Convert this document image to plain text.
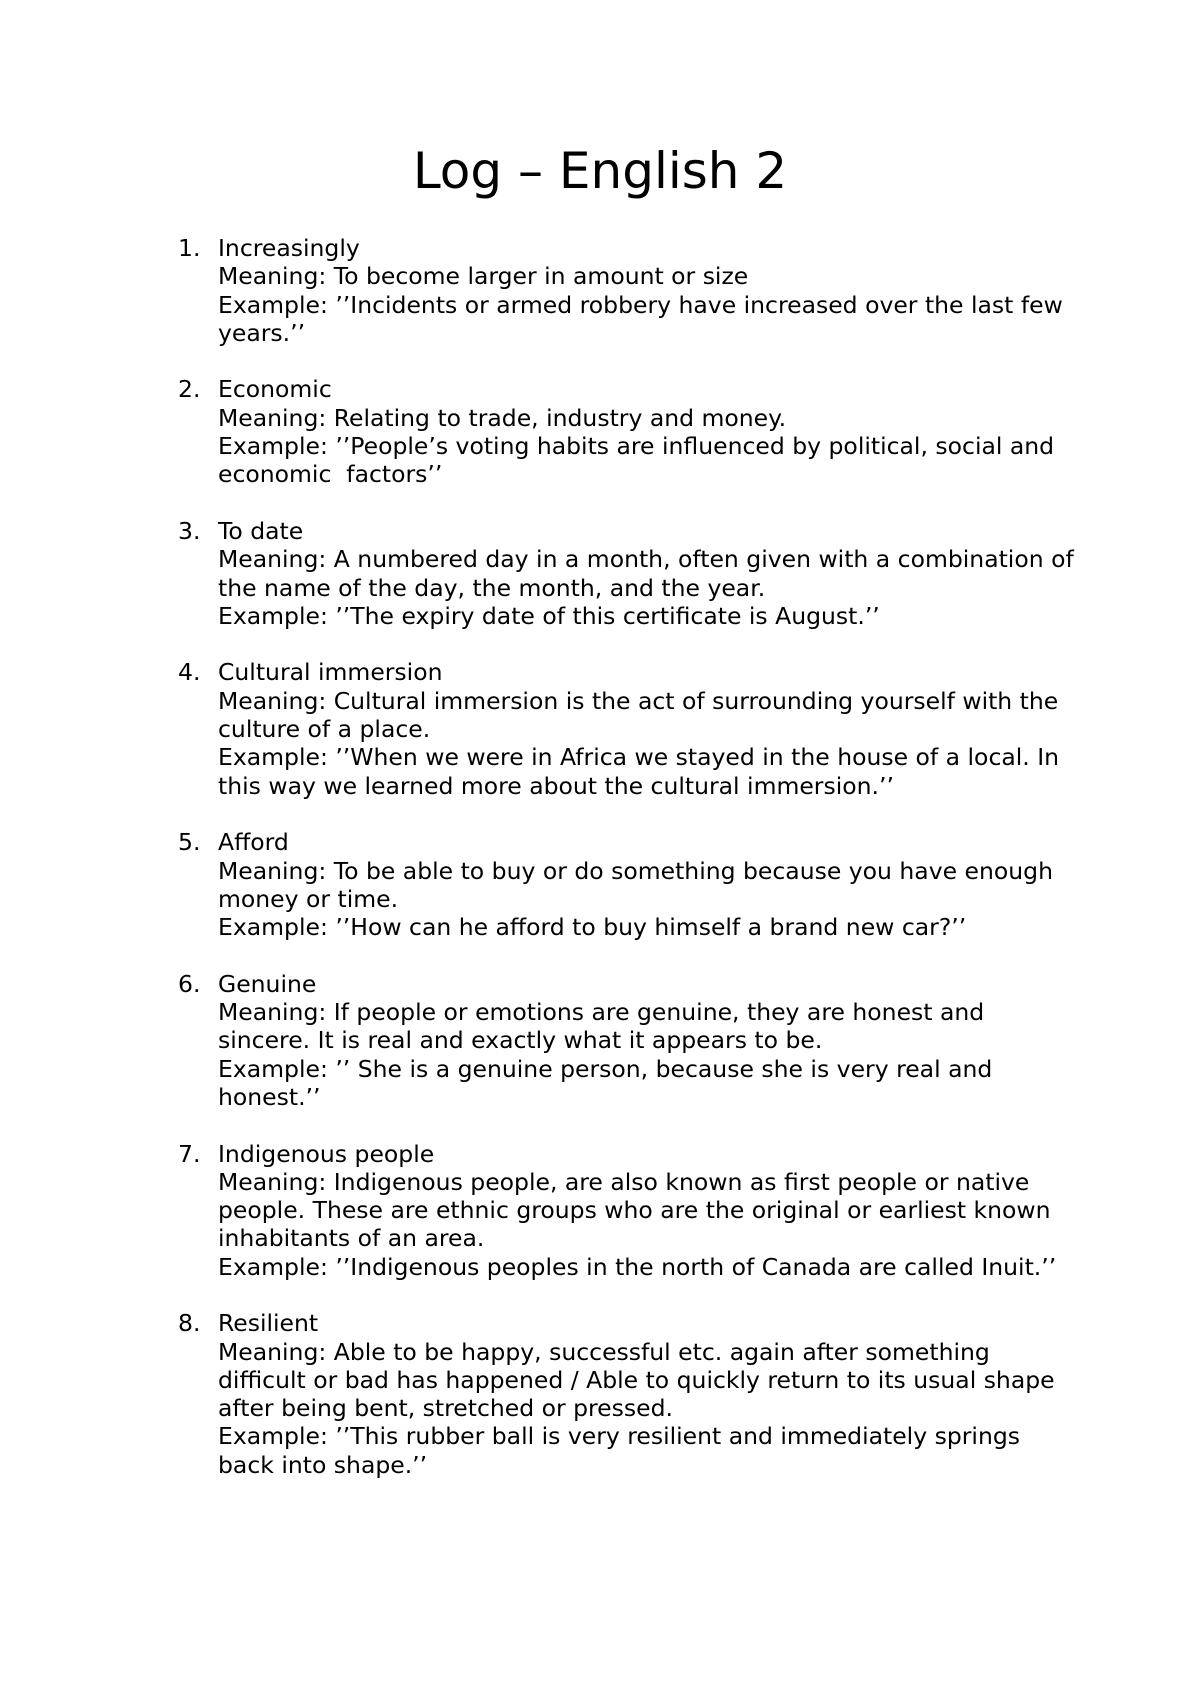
Log – English 2
1. Increasingly
Meaning: To become larger in amount or size
Example: ’’Incidents or armed robbery have increased over the last few years.’’
2. Economic
Meaning: Relating to trade, industry and money.
Example: ’’People’s voting habits are influenced by political, social and economic  factors’’
3. To date
Meaning: A numbered day in a month, often given with a combination of the name of the day, the month, and the year.
Example: ’’The expiry date of this certificate is August.’’
4. Cultural immersion
Meaning: Cultural immersion is the act of surrounding yourself with the culture of a place.
Example: ’’When we were in Africa we stayed in the house of a local. In this way we learned more about the cultural immersion.’’
5. Afford
Meaning: To be able to buy or do something because you have enough money or time.
Example: ’’How can he afford to buy himself a brand new car?’’
6. Genuine
Meaning: If people or emotions are genuine, they are honest and sincere. It is real and exactly what it appears to be.
Example: ’’ She is a genuine person, because she is very real and honest.’’
7. Indigenous people
Meaning: Indigenous people, are also known as first people or native people. These are ethnic groups who are the original or earliest known inhabitants of an area.
Example: ’’Indigenous peoples in the north of Canada are called Inuit.’’
8. Resilient
Meaning: Able to be happy, successful etc. again after something difficult or bad has happened / Able to quickly return to its usual shape after being bent, stretched or pressed.
Example: ’’This rubber ball is very resilient and immediately springs back into shape.’’
